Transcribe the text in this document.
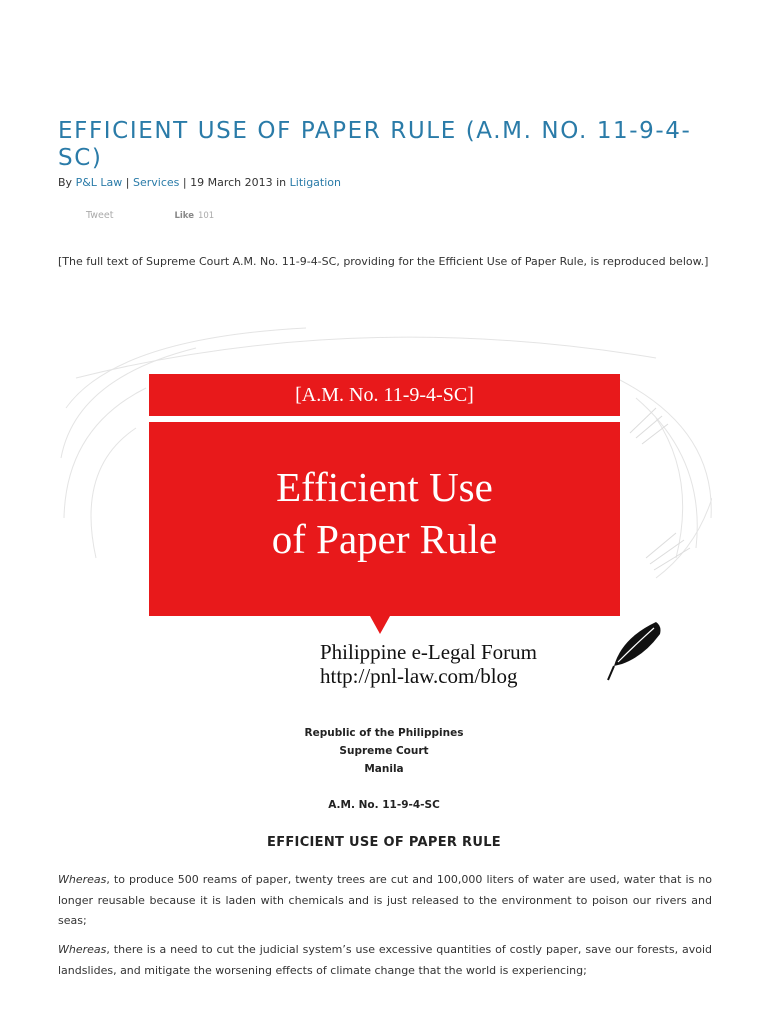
EFFICIENT USE OF PAPER RULE (A.M. NO. 11-9-4-SC)
By P&L Law | Services | 19 March 2013 in Litigation
Tweet	Like 101

[The full text of Supreme Court A.M. No. 11-9-4-SC, providing for the Efficient Use of Paper Rule, is reproduced below.]

[A.M. No. 11-9-4-SC]
Efficient Use
of Paper Rule
Philippine e-Legal Forum
http://pnl-law.com/blog
Republic of the Philippines
Supreme Court
Manila
A.M. No. 11-9-4-SC
EFFICIENT USE OF PAPER RULE

Whereas, to produce 500 reams of paper, twenty trees are cut and 100,000 liters of water are used, water that is no longer reusable because it is laden with chemicals and is just released to the environment to poison our rivers and seas;

Whereas, there is a need to cut the judicial system’s use excessive quantities of costly paper, save our forests, avoid landslides, and mitigate the worsening effects of climate change that the world is experiencing;
